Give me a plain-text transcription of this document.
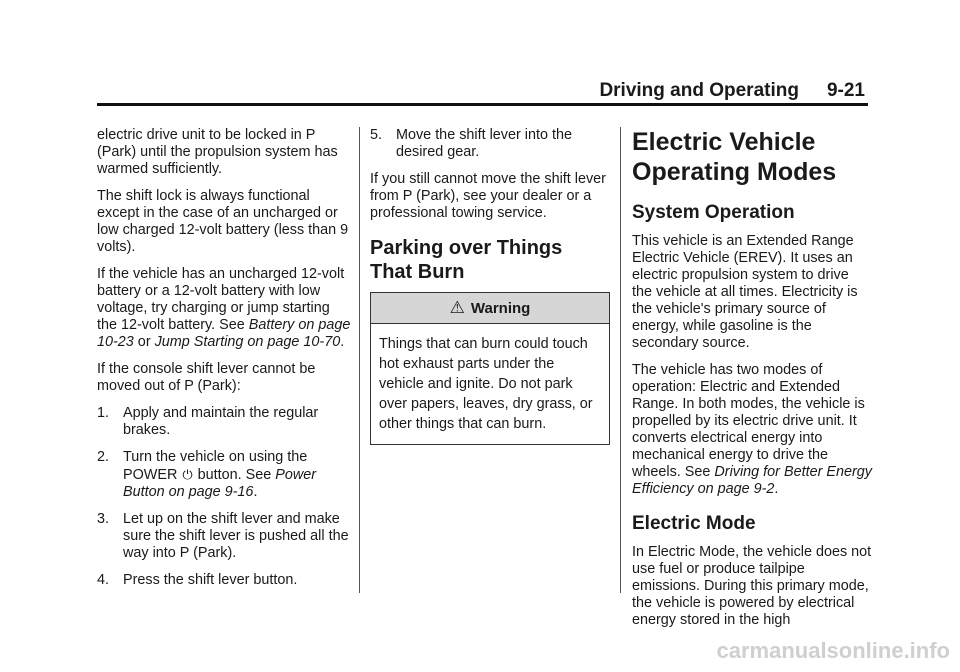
Driving and Operating 9-21

electric drive unit to be locked in P (Park) until the propulsion system has warmed sufficiently.

The shift lock is always functional except in the case of an uncharged or low charged 12-volt battery (less than 9 volts).

If the vehicle has an uncharged 12-volt battery or a 12-volt battery with low voltage, try charging or jump starting the 12-volt battery. See Battery on page 10-23 or Jump Starting on page 10-70.

If the console shift lever cannot be moved out of P (Park):

1. Apply and maintain the regular brakes.
2. Turn the vehicle on using the POWER ⏻ button. See Power Button on page 9-16.
3. Let up on the shift lever and make sure the shift lever is pushed all the way into P (Park).
4. Press the shift lever button.
5. Move the shift lever into the desired gear.

If you still cannot move the shift lever from P (Park), see your dealer or a professional towing service.

Parking over Things That Burn
⚠ Warning
Things that can burn could touch hot exhaust parts under the vehicle and ignite. Do not park over papers, leaves, dry grass, or other things that can burn.
Electric Vehicle Operating Modes
System Operation

This vehicle is an Extended Range Electric Vehicle (EREV). It uses an electric propulsion system to drive the vehicle at all times. Electricity is the vehicle's primary source of energy, while gasoline is the secondary source.

The vehicle has two modes of operation: Electric and Extended Range. In both modes, the vehicle is propelled by its electric drive unit. It converts electrical energy into mechanical energy to drive the wheels. See Driving for Better Energy Efficiency on page 9-2.

Electric Mode

In Electric Mode, the vehicle does not use fuel or produce tailpipe emissions. During this primary mode, the vehicle is powered by electrical energy stored in the high

carmanualsonline.info
